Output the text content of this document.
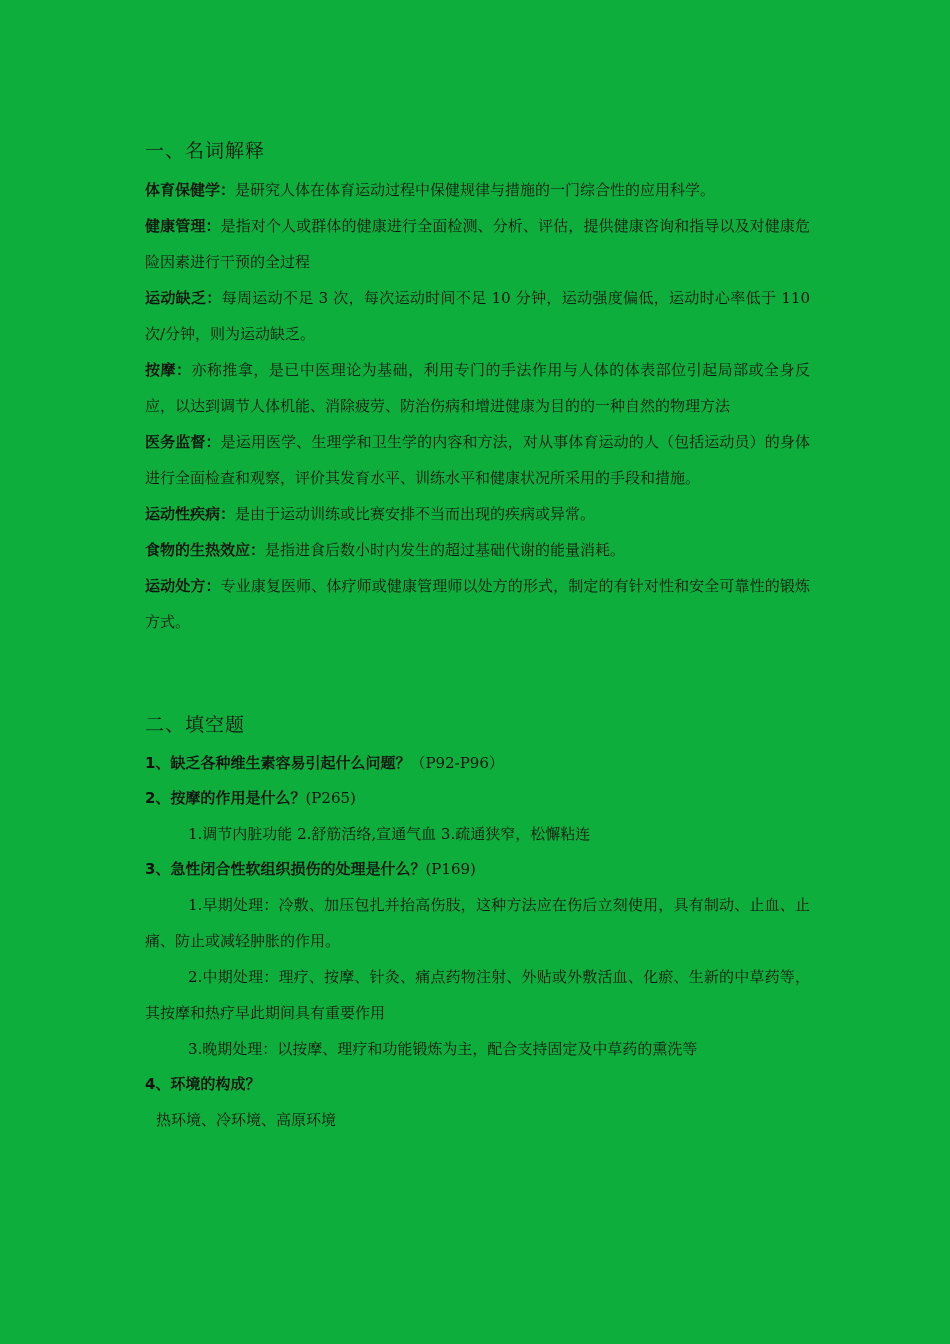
一、名词解释

体育保健学：是研究人体在体育运动过程中保健规律与措施的一门综合性的应用科学。

健康管理：是指对个人或群体的健康进行全面检测、分析、评估，提供健康咨询和指导以及对健康危险因素进行干预的全过程

运动缺乏：每周运动不足 3 次，每次运动时间不足 10 分钟，运动强度偏低，运动时心率低于 110 次/分钟，则为运动缺乏。

按摩：亦称推拿，是已中医理论为基础，利用专门的手法作用与人体的体表部位引起局部或全身反应，以达到调节人体机能、消除疲劳、防治伤病和增进健康为目的的一种自然的物理方法

医务监督：是运用医学、生理学和卫生学的内容和方法，对从事体育运动的人（包括运动员）的身体进行全面检查和观察，评价其发育水平、训练水平和健康状况所采用的手段和措施。

运动性疾病：是由于运动训练或比赛安排不当而出现的疾病或异常。

食物的生热效应：是指进食后数小时内发生的超过基础代谢的能量消耗。

运动处方：专业康复医师、体疗师或健康管理师以处方的形式，制定的有针对性和安全可靠性的锻炼方式。

二、填空题

1、缺乏各种维生素容易引起什么问题？（P92-P96）

2、按摩的作用是什么？(P265)

1.调节内脏功能 2.舒筋活络,宣通气血 3.疏通狭窄，松懈粘连

3、急性闭合性软组织损伤的处理是什么？(P169)

1.早期处理：冷敷、加压包扎并抬高伤肢，这种方法应在伤后立刻使用，具有制动、止血、止痛、防止或减轻肿胀的作用。

2.中期处理：理疗、按摩、针灸、痛点药物注射、外贴或外敷活血、化瘀、生新的中草药等，其按摩和热疗早此期间具有重要作用

3.晚期处理：以按摩、理疗和功能锻炼为主，配合支持固定及中草药的熏洗等

4、环境的构成？

热环境、冷环境、高原环境
